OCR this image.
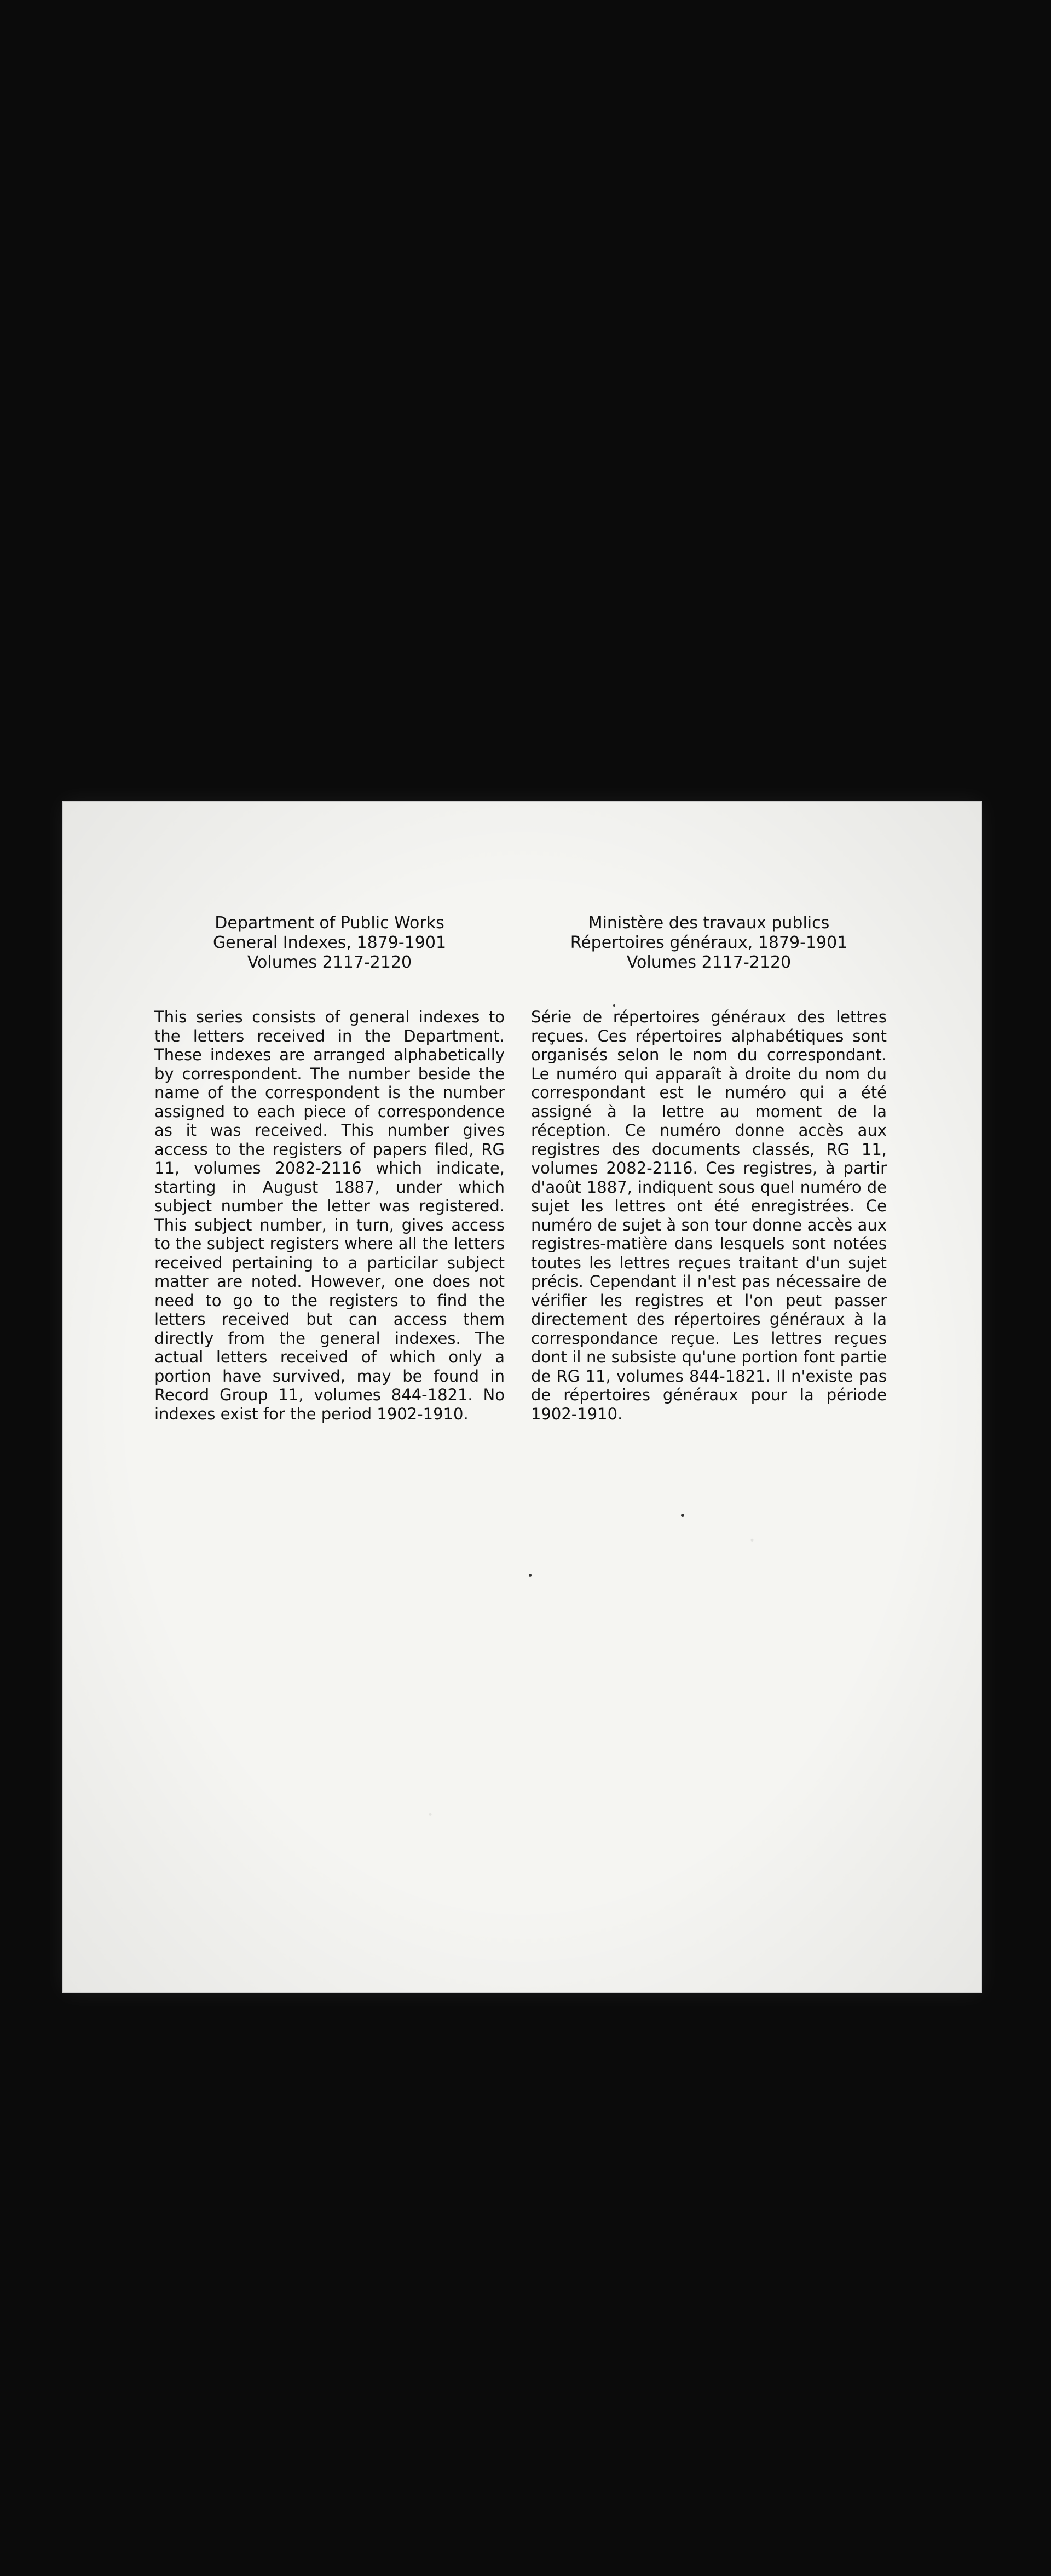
Department of Public Works
General Indexes, 1879-1901
Volumes 2117-2120

This series consists of general indexes to the letters received in the Department. These indexes are arranged alphabetically by correspondent. The number beside the name of the correspondent is the number assigned to each piece of correspondence as it was received. This number gives access to the registers of papers filed, RG 11, volumes 2082-2116 which indicate, starting in August 1887, under which subject number the letter was registered. This subject number, in turn, gives access to the subject registers where all the letters received pertaining to a particilar subject matter are noted. However, one does not need to go to the registers to find the letters received but can access them directly from the general indexes. The actual letters received of which only a portion have survived, may be found in Record Group 11, volumes 844-1821. No indexes exist for the period 1902-1910.

Ministère des travaux publics
Répertoires généraux, 1879-1901
Volumes 2117-2120

Série de répertoires généraux des lettres reçues. Ces répertoires alphabétiques sont organisés selon le nom du correspondant. Le numéro qui apparaît à droite du nom du correspondant est le numéro qui a été assigné à la lettre au moment de la réception. Ce numéro donne accès aux registres des documents classés, RG 11, volumes 2082-2116. Ces registres, à partir d'août 1887, indiquent sous quel numéro de sujet les lettres ont été enregistrées. Ce numéro de sujet à son tour donne accès aux registres-matière dans lesquels sont notées toutes les lettres reçues traitant d'un sujet précis. Cependant il n'est pas nécessaire de vérifier les registres et l'on peut passer directement des répertoires généraux à la correspondance reçue. Les lettres reçues dont il ne subsiste qu'une portion font partie de RG 11, volumes 844-1821. Il n'existe pas de répertoires généraux pour la période 1902-1910.
